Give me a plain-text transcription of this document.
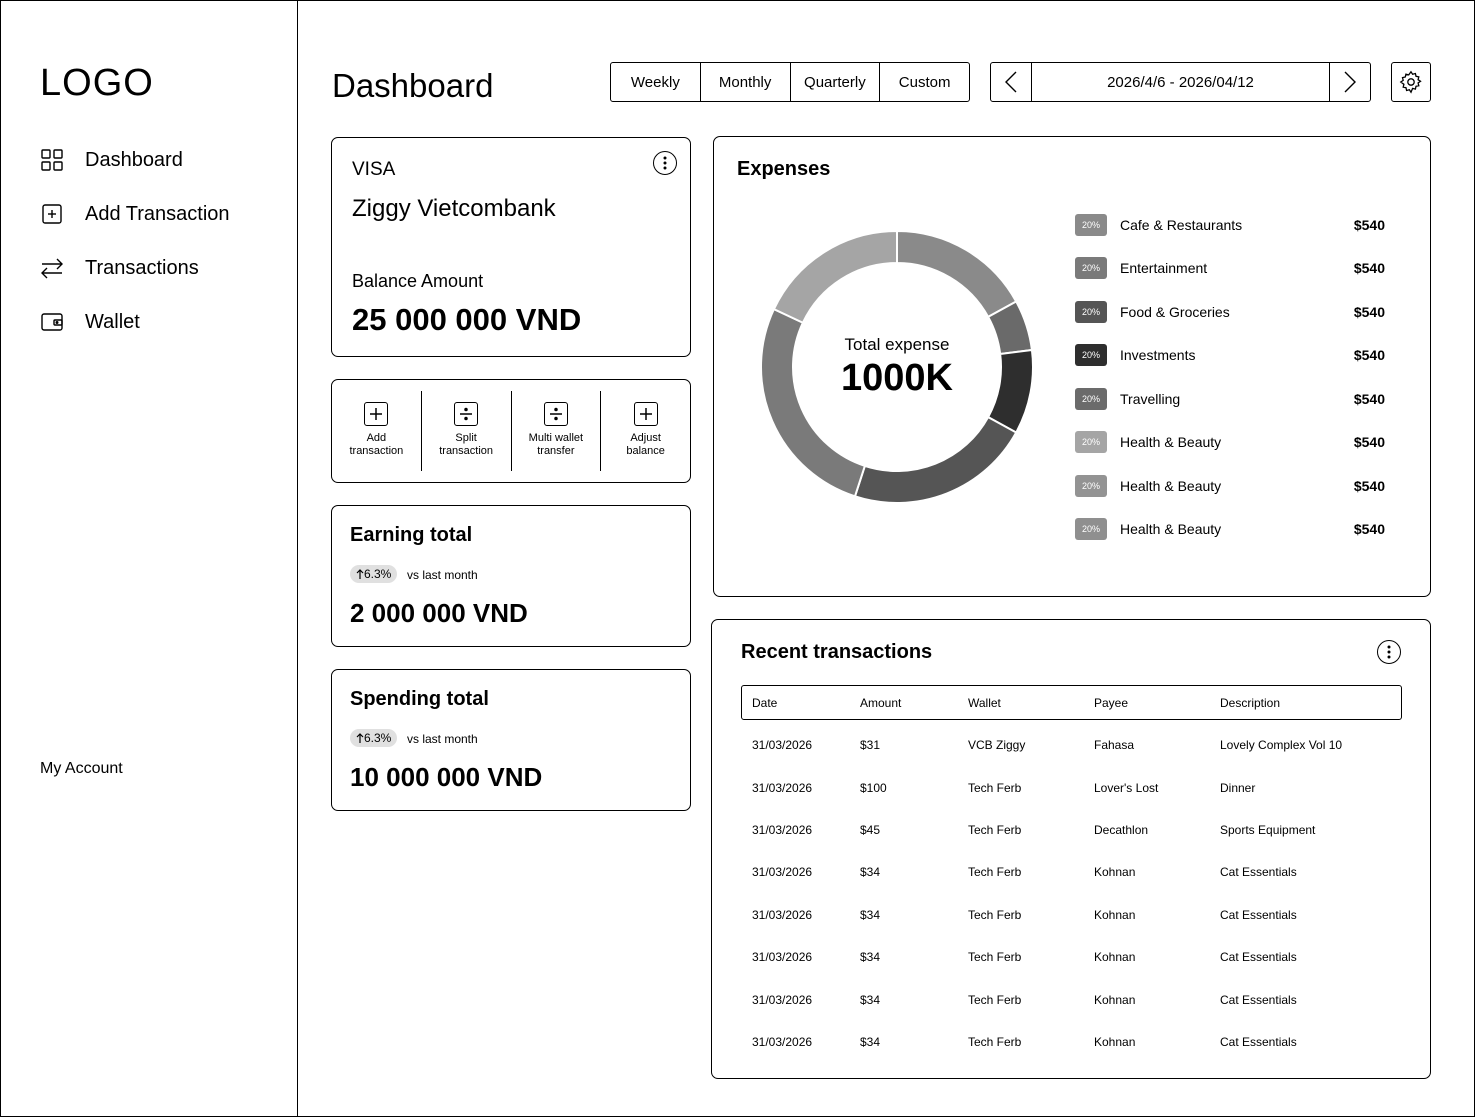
LOGO
Dashboard
Add Transaction
Transactions
Wallet
My Account
Dashboard	Weekly	Monthly	Quarterly	Custom	2026/4/6 - 2026/04/12
VISA
Ziggy Vietcombank
Balance Amount
25 000 000 VND
Add
transaction
Split
transaction
Multi wallet
transfer
Adjust
balance
Earning total
6.3% vs last month
2 000 000 VND
Spending total
6.3% vs last month
10 000 000 VND
Expenses
Total expense
1000K
20%	Cafe & Restaurants	$540
20%	Entertainment	$540
20%	Food & Groceries	$540
20%	Investments	$540
20%	Travelling	$540
20%	Health & Beauty	$540
20%	Health & Beauty	$540
20%	Health & Beauty	$540
Recent transactions
Date	Amount	Wallet	Payee	Description
31/03/2026	$31	VCB Ziggy	Fahasa	Lovely Complex Vol 10
31/03/2026	$100	Tech Ferb	Lover's Lost	Dinner
31/03/2026	$45	Tech Ferb	Decathlon	Sports Equipment
31/03/2026	$34	Tech Ferb	Kohnan	Cat Essentials
31/03/2026	$34	Tech Ferb	Kohnan	Cat Essentials
31/03/2026	$34	Tech Ferb	Kohnan	Cat Essentials
31/03/2026	$34	Tech Ferb	Kohnan	Cat Essentials
31/03/2026	$34	Tech Ferb	Kohnan	Cat Essentials
